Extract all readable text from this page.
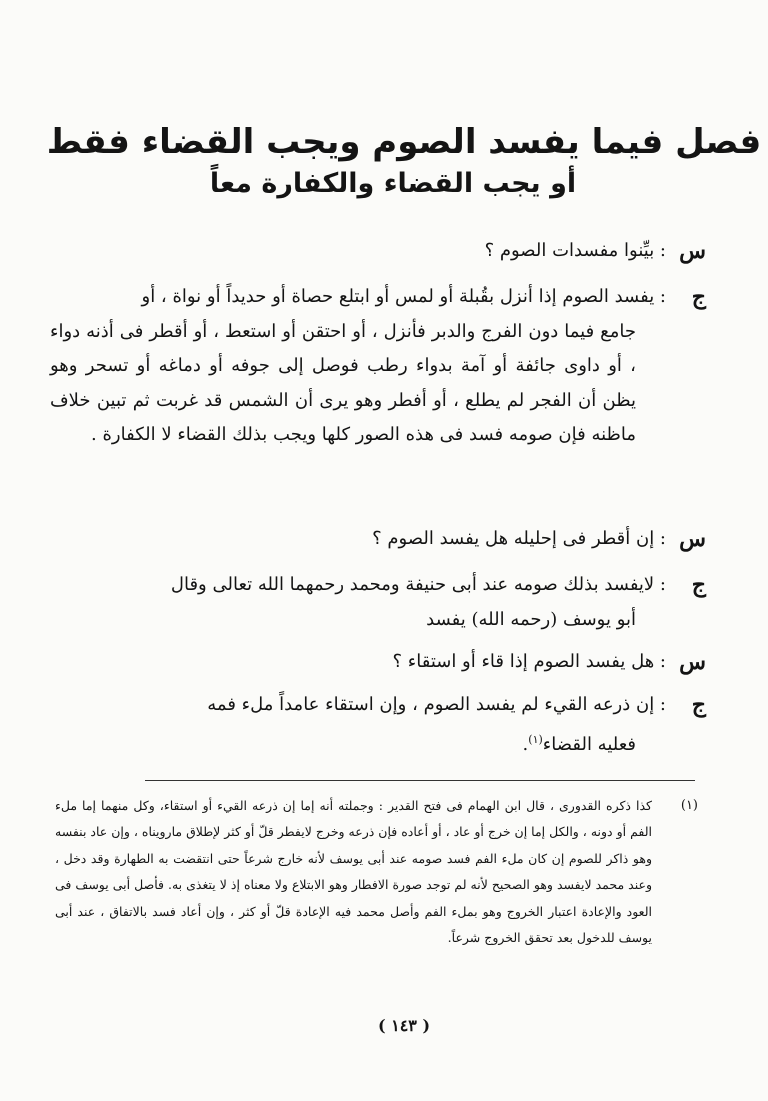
فصل فيما يفسد الصوم ويجب القضاء فقط
أو يجب القضاء والكفارة معاً
س
: بيِّنوا مفسدات الصوم ؟
ج
: يفسد الصوم إذا أنزل بقُبلة أو لمس أو ابتلع حصاة أو حديداً أو نواة ، أو
جامع فيما دون الفرج والدبر فأنزل ، أو احتقن أو استعط ، أو أقطر فى أذنه دواء ، أو داوى جائفة أو آمة بدواء رطب فوصل إلى جوفه أو دماغه أو تسحر وهو يظن أن الفجر لم يطلع ، أو أفطر وهو يرى أن الشمس قد غربت ثم تبين خلاف ماظنه فإن صومه فسد فى هذه الصور كلها ويجب بذلك القضاء لا الكفارة .
س
: إن أقطر فى إحليله هل يفسد الصوم ؟
ج
: لايفسد بذلك صومه عند أبى حنيفة ومحمد رحمهما الله تعالى وقال
أبو يوسف (رحمه الله) يفسد
س
: هل يفسد الصوم إذا قاء أو استقاء ؟
ج
: إن ذرعه القيء لم يفسد الصوم ، وإن استقاء عامداً ملء فمه
فعليه القضاء$^{(١)}$.
(١)
كذا ذكره القدورى ، قال ابن الهمام فى فتح القدير : وجملته أنه إما إن ذرعه القيء أو استقاء، وكل منهما إما ملء الفم أو دونه ، والكل إما إن خرج أو عاد ، أو أعاده فإن ذرعه وخرج لايفطر قلّ أو كثر لإطلاق مارويناه ، وإن عاد بنفسه وهو ذاكر للصوم إن كان ملء الفم فسد صومه عند أبى يوسف لأنه خارج شرعاً حتى انتقضت به الطهارة وقد دخل ، وعند محمد لايفسد وهو الصحيح لأنه لم توجد صورة الافطار وهو الابتلاع ولا معناه إذ لا يتغذى به. فأصل أبى يوسف فى العود والإعادة اعتبار الخروج وهو بملء الفم وأصل محمد فيه الإعادة قلّ أو كثر ، وإن أعاد فسد بالاتفاق ، عند أبى يوسف للدخول بعد تحقق الخروج شرعاً.
( ١٤٣ )
